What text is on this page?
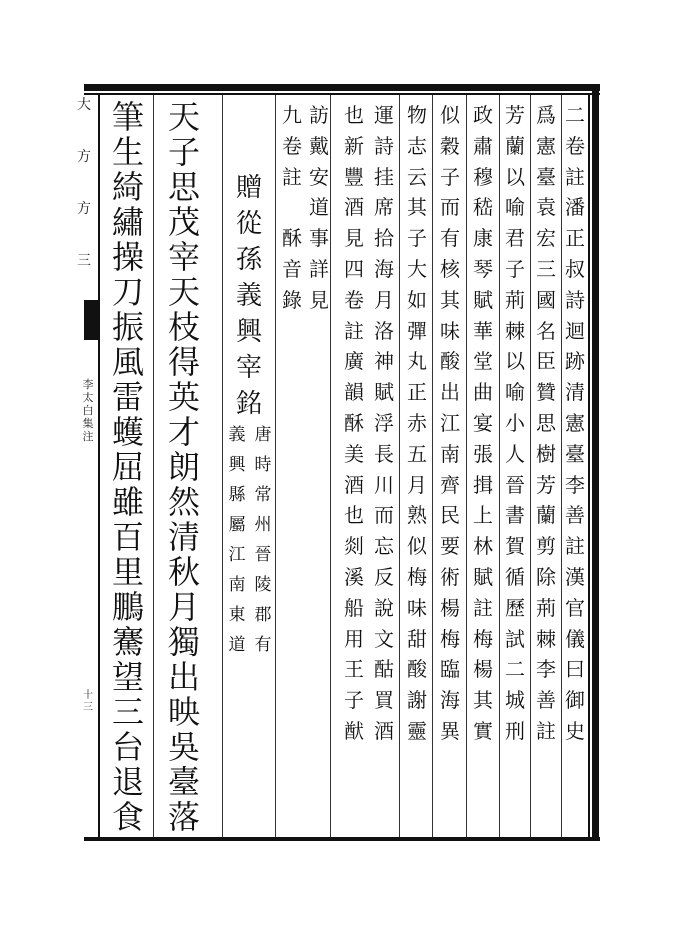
大
方
方
三
李
太
白
集
注
十
三
二
卷
註
潘
正
叔
詩
迴
跡
清
憲
臺
李
善
註
漢
官
儀
曰
御
史
爲
憲
臺
袁
宏
三
國
名
臣
贊
思
樹
芳
蘭
剪
除
荊
棘
李
善
註
芳
蘭
以
喻
君
子
荊
棘
以
喻
小
人
晉
書
賀
循
歷
試
二
城
刑
政
肅
穆
嵇
康
琴
賦
華
堂
曲
宴
張
揖
上
林
賦
註
梅
楊
其
實
似
穀
子
而
有
核
其
味
酸
出
江
南
齊
民
要
術
楊
梅
臨
海
異
物
志
云
其
子
大
如
彈
丸
正
赤
五
月
熟
似
梅
味
甜
酸
謝
靈
運
詩
挂
席
拾
海
月
洛
神
賦
浮
長
川
而
忘
反
說
文
酤
買
酒
也
新
豐
酒
見
四
卷
註
廣
韻
酥
美
酒
也
剡
溪
船
用
王
子
猷
訪
戴
安
道
事
詳
見
九
卷
註

酥
音
錄
贈
從
孫
義
興
宰
銘
唐
時
常
州
晉
陵
郡
有
義
興
縣
屬
江
南
東
道
天
子
思
茂
宰
天
枝
得
英
才
朗
然
清
秋
月
獨
出
映
吳
臺
落
筆
生
綺
繡
操
刀
振
風
雷
蠖
屈
雖
百
里
鵬
騫
望
三
台
退
食
